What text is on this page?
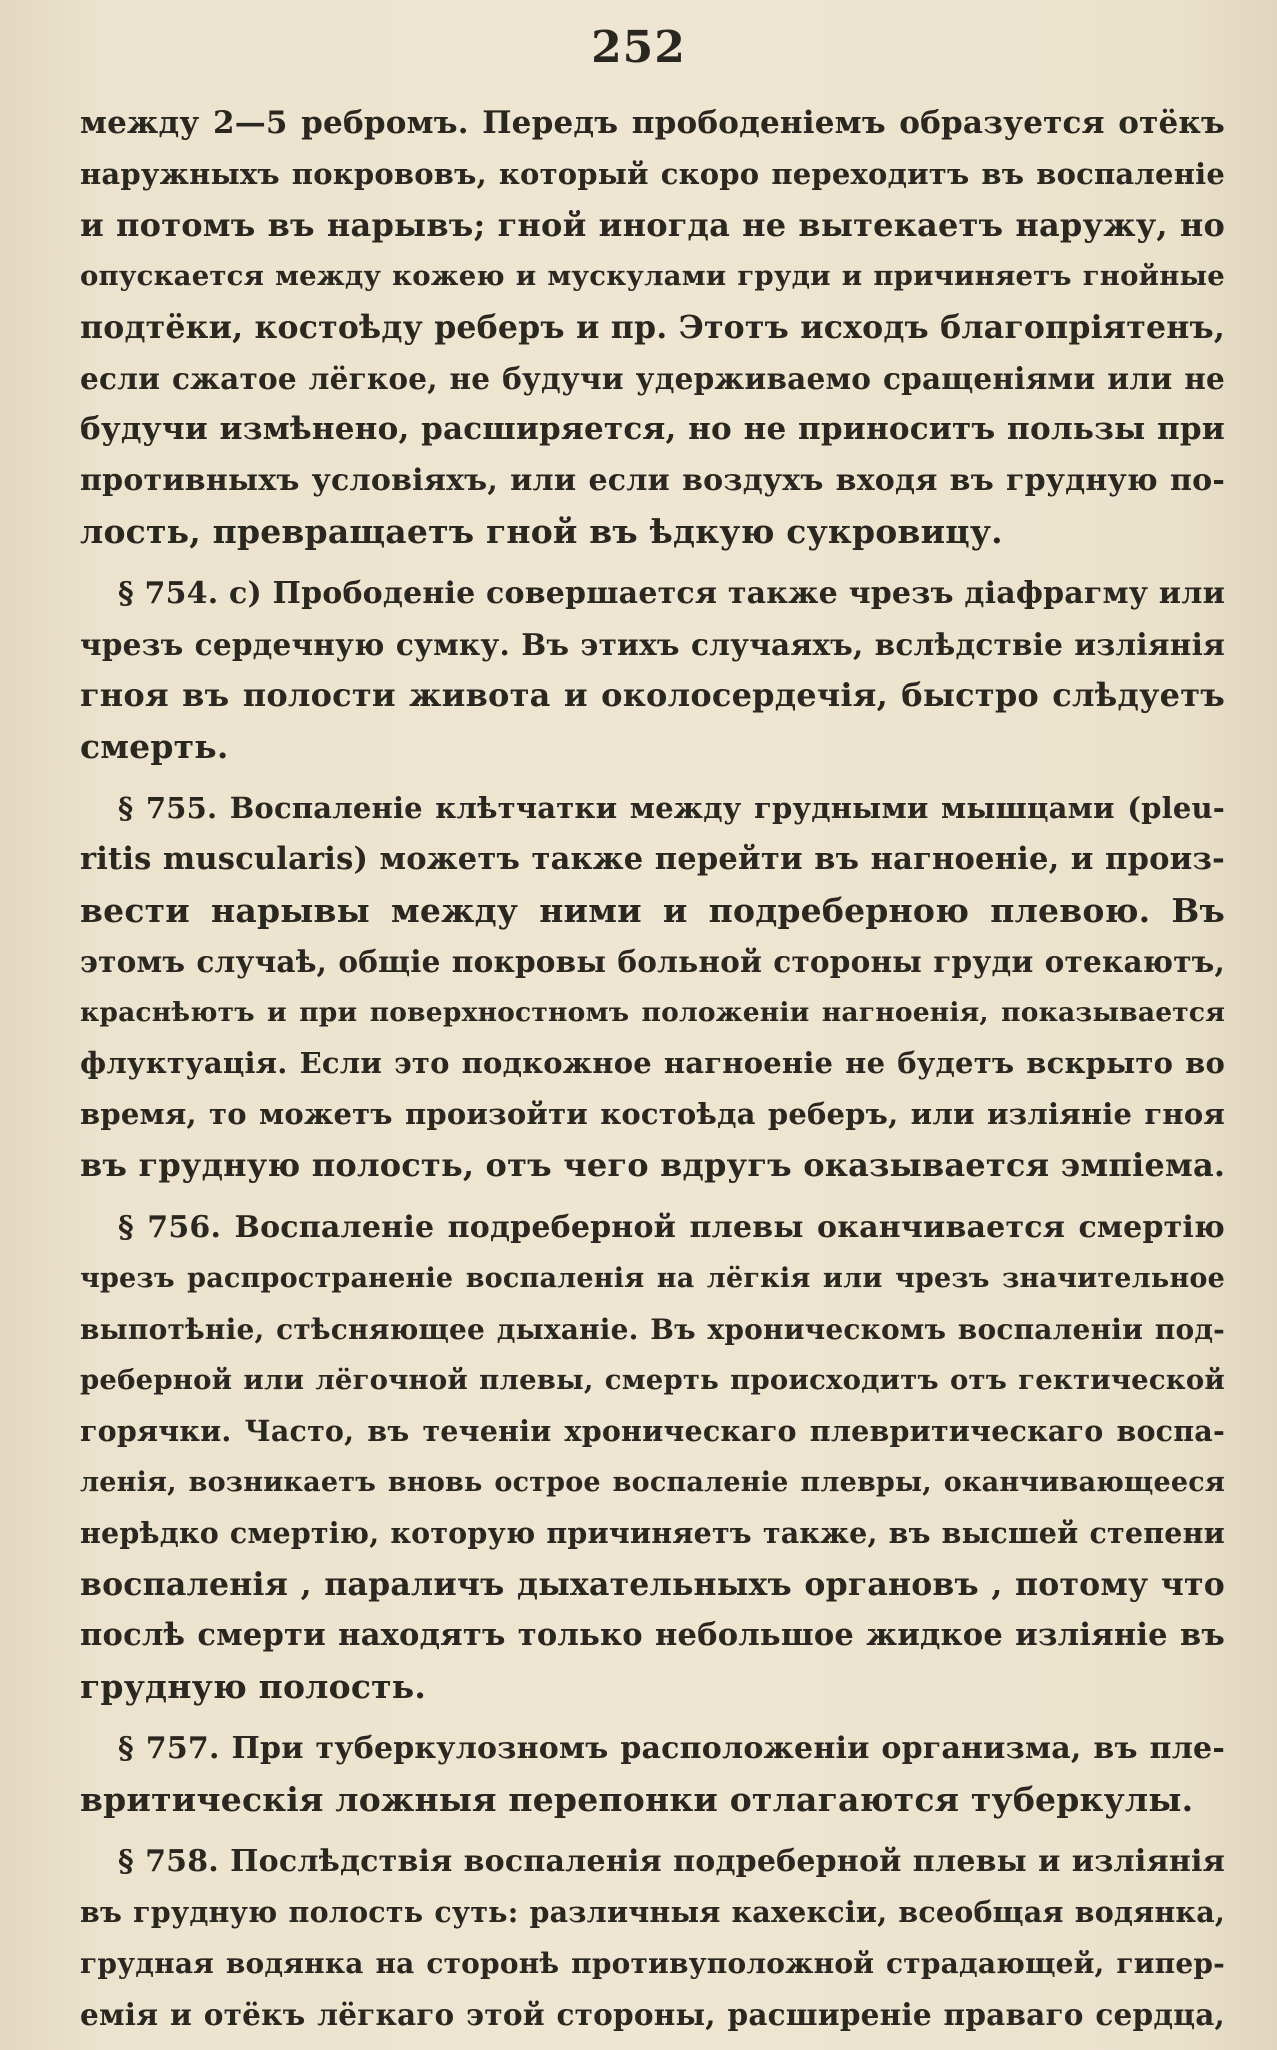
252
между 2—5 ребромъ. Передъ прободеніемъ образуется отёкъ
наружныхъ покрововъ, который скоро переходитъ въ воспаленіе
и потомъ въ нарывъ; гной иногда не вытекаетъ наружу, но
опускается между кожею и мускулами груди и причиняетъ гнойные
подтёки, костоѣду реберъ и пр. Этотъ исходъ благопріятенъ,
если сжатое лёгкое, не будучи удерживаемо сращеніями или не
будучи измѣнено, расширяется, но не приноситъ пользы при
противныхъ условіяхъ, или если воздухъ входя въ грудную по-
лость, превращаетъ гной въ ѣдкую сукровицу.
§ 754. c) Прободеніе совершается также чрезъ діафрагму или
чрезъ сердечную сумку. Въ этихъ случаяхъ, вслѣдствіе излiянія
гноя въ полости живота и околосердечія, быстро слѣдуетъ
смерть.
§ 755. Воспаленіе клѣтчатки между грудными мышцами (pleu-
ritis muscularis) можетъ также перейти въ нагноеніе, и произ-
вести нарывы между ними и подреберною плевою. Въ
этомъ случаѣ, общіе покровы больной стороны груди отекаютъ,
краснѣютъ и при поверхностномъ положеніи нагноенія, показывается
флуктуація. Если это подкожное нагноеніе не будетъ вскрыто во
время, то можетъ произойти костоѣда реберъ, или излiяніе гноя
въ грудную полость, отъ чего вдругъ оказывается эмпіема.
§ 756. Воспаленіе подреберной плевы оканчивается смертію
чрезъ распространеніе воспаленія на лёгкія или чрезъ значительное
выпотѣніе, стѣсняющее дыханіе. Въ хроническомъ воспаленіи под-
реберной или лёгочной плевы, смерть происходитъ отъ гектической
горячки. Часто, въ теченіи хроническаго плевритическаго воспа-
ленія, возникаетъ вновь острое воспаленіе плевры, оканчивающееся
нерѣдко смертію, которую причиняетъ также, въ высшей степени
воспаленія , параличъ дыхательныхъ органовъ , потому что
послѣ смерти находятъ только небольшое жидкое излiяніе въ
грудную полость.
§ 757. При туберкулозномъ расположеніи организма, въ пле-
вритическія ложныя перепонки отлагаются туберкулы.
§ 758. Послѣдствія воспаленія подреберной плевы и излiянія
въ грудную полость суть: различныя кахексіи, всеобщая водянка,
грудная водянка на сторонѣ противуположной страдающей, гипер-
емія и отёкъ лёгкаго этой стороны, расширеніе праваго сердца,
